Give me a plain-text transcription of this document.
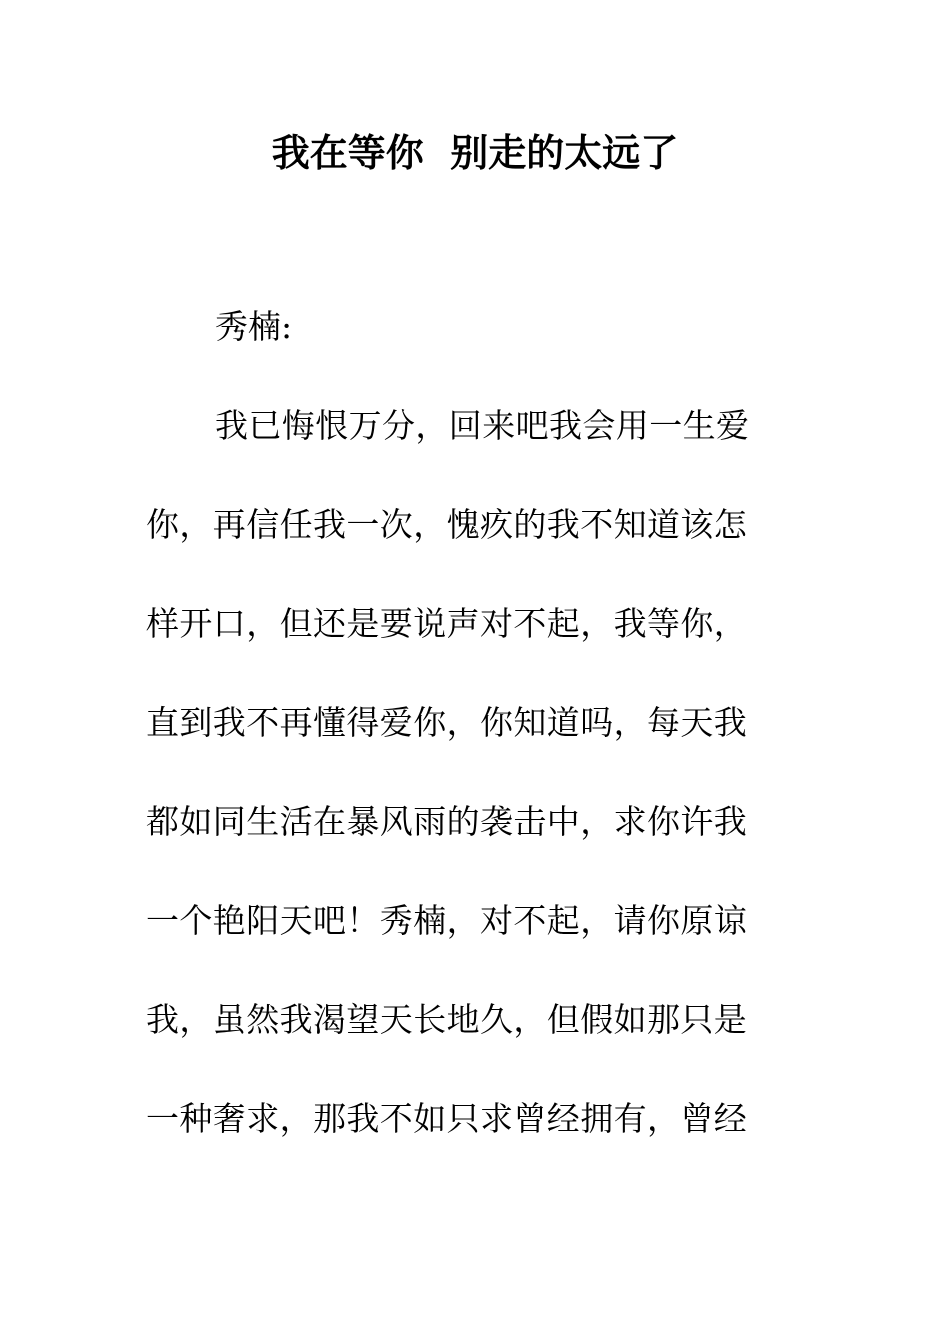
我在等你  别走的太远了
秀楠:
我已悔恨万分，回来吧我会用一生爱
你，再信任我一次，愧疚的我不知道该怎
样开口，但还是要说声对不起，我等你，
直到我不再懂得爱你，你知道吗，每天我
都如同生活在暴风雨的袭击中，求你许我
一个艳阳天吧！秀楠，对不起，请你原谅
我，虽然我渴望天长地久，但假如那只是
一种奢求，那我不如只求曾经拥有，曾经
